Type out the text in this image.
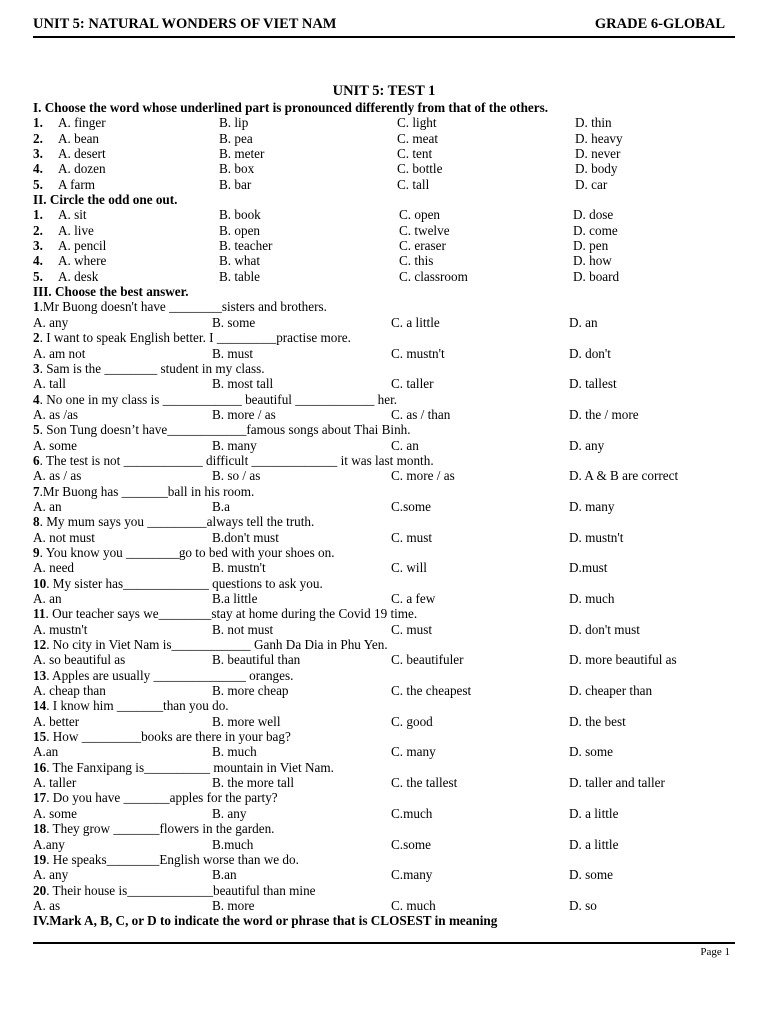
UNIT 5: NATURAL WONDERS OF VIET NAM	GRADE 6-GLOBAL
UNIT 5: TEST 1
I. Choose the word whose underlined part is pronounced differently from that of the others.
1. A. finger	B. lip	C. light	D. thin
2. A. bean	B. pea	C. meat	D. heavy
3. A. desert	B. meter	C. tent	D. never
4. A. dozen	B. box	C. bottle	D. body
5. A farm	B. bar	C. tall	D. car
II. Circle the odd one out.
1. A. sit	B. book	C. open	D. dose
2. A. live	B. open	C. twelve	D. come
3. A. pencil	B. teacher	C. eraser	D. pen
4. A. where	B. what	C. this	D. how
5. A. desk	B. table	C. classroom	D. board
III. Choose the best answer.
1.Mr Buong doesn't have ________sisters and brothers.
A. any	B. some	C. a little	D. an
2. I want to speak English better. I _________practise more.
A. am not	B. must	C. mustn't	D. don't
3. Sam is the ________ student in my class.
A. tall	B. most tall	C. taller	D. tallest
4. No one in my class is ____________ beautiful ____________ her.
A. as /as	B. more / as	C. as / than	D. the / more
5. Son Tung doesn’t have____________famous songs about Thai Binh.
A. some	B. many	C. an	D. any
6. The test is not ____________ difficult _____________ it was last month.
A. as / as	B. so / as	C. more / as	D. A & B are correct
7.Mr Buong has _______ball in his room.
A. an	B.a	C.some	D. many
8. My mum says you _________always tell the truth.
A. not must	B.don't must	C. must	D. mustn't
9. You know you ________go to bed with your shoes on.
A. need	B. mustn't	C. will	D.must
10. My sister has_____________ questions to ask you.
A. an	B.a little	C. a few	D. much
11. Our teacher says we________stay at home during the Covid 19 time.
A. mustn't	B. not must	C. must	D. don't must
12. No city in Viet Nam is____________ Ganh Da Dia in Phu Yen.
A. so beautiful as	B. beautiful than	C. beautifuler	D. more beautiful as
13. Apples are usually ______________ oranges.
A. cheap than	B. more cheap	C. the cheapest	D. cheaper than
14. I know him _______than you do.
A. better	B. more well	C. good	D. the best
15. How _________books are there in your bag?
A.an	B. much	C. many	D. some
16. The Fanxipang is__________ mountain in Viet Nam.
A. taller	B. the more tall	C. the tallest	D. taller and taller
17. Do you have _______apples for the party?
A. some	B. any	C.much	D. a little
18. They grow _______flowers in the garden.
A.any	B.much	C.some	D. a little
19. He speaks________English worse than we do.
A. any	B.an	C.many	D. some
20. Their house is_____________beautiful than mine
A. as	B. more	C. much	D. so
IV.Mark A, B, C, or D to indicate the word or phrase that is CLOSEST in meaning
Page 1
